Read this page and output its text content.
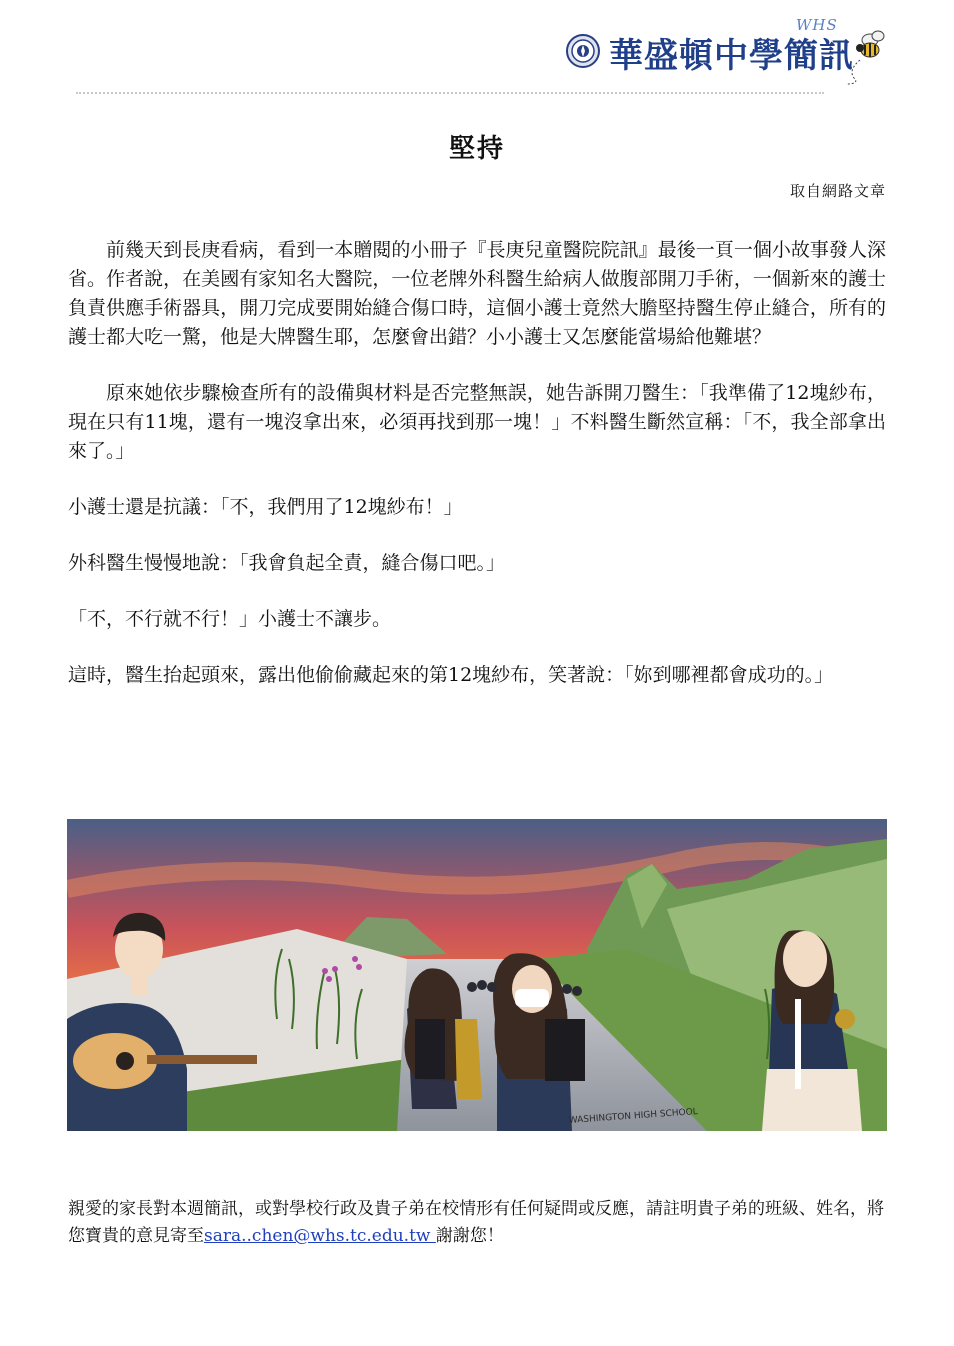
華盛頓中學簡訊
WHS
堅持
取自網路文章

前幾天到長庚看病，看到一本贈閱的小冊子『長庚兒童醫院院訊』最後一頁一個小故事發人深省。作者說，在美國有家知名大醫院，一位老牌外科醫生給病人做腹部開刀手術，一個新來的護士負責供應手術器具，開刀完成要開始縫合傷口時，這個小護士竟然大膽堅持醫生停止縫合，所有的護士都大吃一驚，他是大牌醫生耶，怎麼會出錯？小小護士又怎麼能當場給他難堪？

原來她依步驟檢查所有的設備與材料是否完整無誤，她告訴開刀醫生：「我準備了12塊紗布，現在只有11塊，還有一塊沒拿出來，必須再找到那一塊！」不料醫生斷然宣稱：「不，我全部拿出來了。」

小護士還是抗議：「不，我們用了12塊紗布！」

外科醫生慢慢地說：「我會負起全責，縫合傷口吧。」

「不，不行就不行！」小護士不讓步。

這時，醫生抬起頭來，露出他偷偷藏起來的第12塊紗布，笑著說：「妳到哪裡都會成功的。」

WASHINGTON HIGH SCHOOL
親愛的家長對本週簡訊，或對學校行政及貴子弟在校情形有任何疑問或反應，請註明貴子弟的班級、姓名，將您寶貴的意見寄至sara..chen@whs.tc.edu.tw 謝謝您！
